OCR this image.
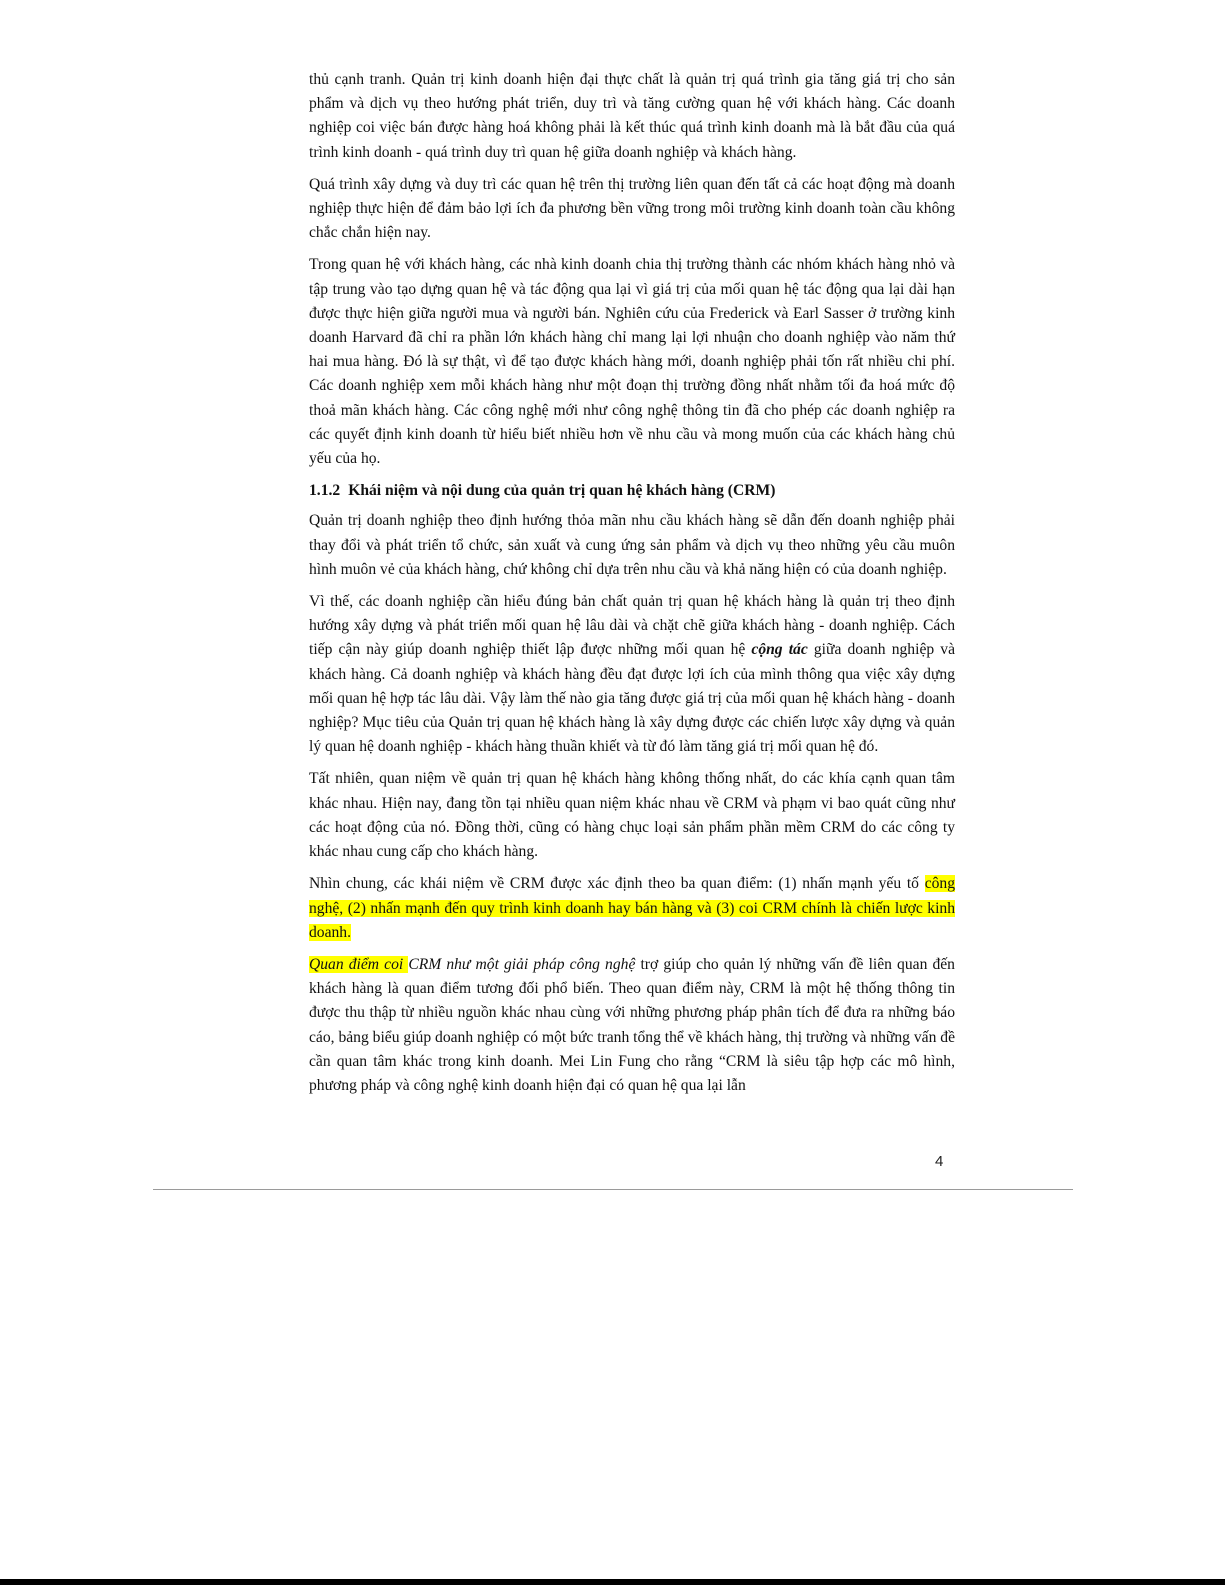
thủ cạnh tranh. Quản trị kinh doanh hiện đại thực chất là quản trị quá trình gia tăng giá trị cho sản phẩm và dịch vụ theo hướng phát triển, duy trì và tăng cường quan hệ với khách hàng. Các doanh nghiệp coi việc bán được hàng hoá không phải là kết thúc quá trình kinh doanh mà là bắt đầu của quá trình kinh doanh - quá trình duy trì quan hệ giữa doanh nghiệp và khách hàng.

Quá trình xây dựng và duy trì các quan hệ trên thị trường liên quan đến tất cả các hoạt động mà doanh nghiệp thực hiện để đảm bảo lợi ích đa phương bền vững trong môi trường kinh doanh toàn cầu không chắc chắn hiện nay.

Trong quan hệ với khách hàng, các nhà kinh doanh chia thị trường thành các nhóm khách hàng nhỏ và tập trung vào tạo dựng quan hệ và tác động qua lại vì giá trị của mối quan hệ tác động qua lại dài hạn được thực hiện giữa người mua và người bán. Nghiên cứu của Frederick và Earl Sasser ở trường kinh doanh Harvard đã chỉ ra phần lớn khách hàng chỉ mang lại lợi nhuận cho doanh nghiệp vào năm thứ hai mua hàng. Đó là sự thật, vì để tạo được khách hàng mới, doanh nghiệp phải tốn rất nhiều chi phí. Các doanh nghiệp xem mỗi khách hàng như một đoạn thị trường đồng nhất nhằm tối đa hoá mức độ thoả mãn khách hàng. Các công nghệ mới như công nghệ thông tin đã cho phép các doanh nghiệp ra các quyết định kinh doanh từ hiểu biết nhiều hơn về nhu cầu và mong muốn của các khách hàng chủ yếu của họ.

1.1.2 Khái niệm và nội dung của quản trị quan hệ khách hàng (CRM)

Quản trị doanh nghiệp theo định hướng thỏa mãn nhu cầu khách hàng sẽ dẫn đến doanh nghiệp phải thay đổi và phát triển tổ chức, sản xuất và cung ứng sản phẩm và dịch vụ theo những yêu cầu muôn hình muôn vẻ của khách hàng, chứ không chỉ dựa trên nhu cầu và khả năng hiện có của doanh nghiệp.

Vì thế, các doanh nghiệp cần hiểu đúng bản chất quản trị quan hệ khách hàng là quản trị theo định hướng xây dựng và phát triển mối quan hệ lâu dài và chặt chẽ giữa khách hàng - doanh nghiệp. Cách tiếp cận này giúp doanh nghiệp thiết lập được những mối quan hệ cộng tác giữa doanh nghiệp và khách hàng. Cả doanh nghiệp và khách hàng đều đạt được lợi ích của mình thông qua việc xây dựng mối quan hệ hợp tác lâu dài. Vậy làm thế nào gia tăng được giá trị của mối quan hệ khách hàng - doanh nghiệp? Mục tiêu của Quản trị quan hệ khách hàng là xây dựng được các chiến lược xây dựng và quản lý quan hệ doanh nghiệp - khách hàng thuần khiết và từ đó làm tăng giá trị mối quan hệ đó.

Tất nhiên, quan niệm về quản trị quan hệ khách hàng không thống nhất, do các khía cạnh quan tâm khác nhau. Hiện nay, đang tồn tại nhiều quan niệm khác nhau về CRM và phạm vi bao quát cũng như các hoạt động của nó. Đồng thời, cũng có hàng chục loại sản phẩm phần mềm CRM do các công ty khác nhau cung cấp cho khách hàng.

Nhìn chung, các khái niệm về CRM được xác định theo ba quan điểm: (1) nhấn mạnh yếu tố công nghệ, (2) nhấn mạnh đến quy trình kinh doanh hay bán hàng và (3) coi CRM chính là chiến lược kinh doanh.

Quan điểm coi CRM như một giải pháp công nghệ trợ giúp cho quản lý những vấn đề liên quan đến khách hàng là quan điểm tương đối phổ biến. Theo quan điểm này, CRM là một hệ thống thông tin được thu thập từ nhiều nguồn khác nhau cùng với những phương pháp phân tích để đưa ra những báo cáo, bảng biểu giúp doanh nghiệp có một bức tranh tổng thể về khách hàng, thị trường và những vấn đề cần quan tâm khác trong kinh doanh. Mei Lin Fung cho rằng “CRM là siêu tập hợp các mô hình, phương pháp và công nghệ kinh doanh hiện đại có quan hệ qua lại lẫn

4
